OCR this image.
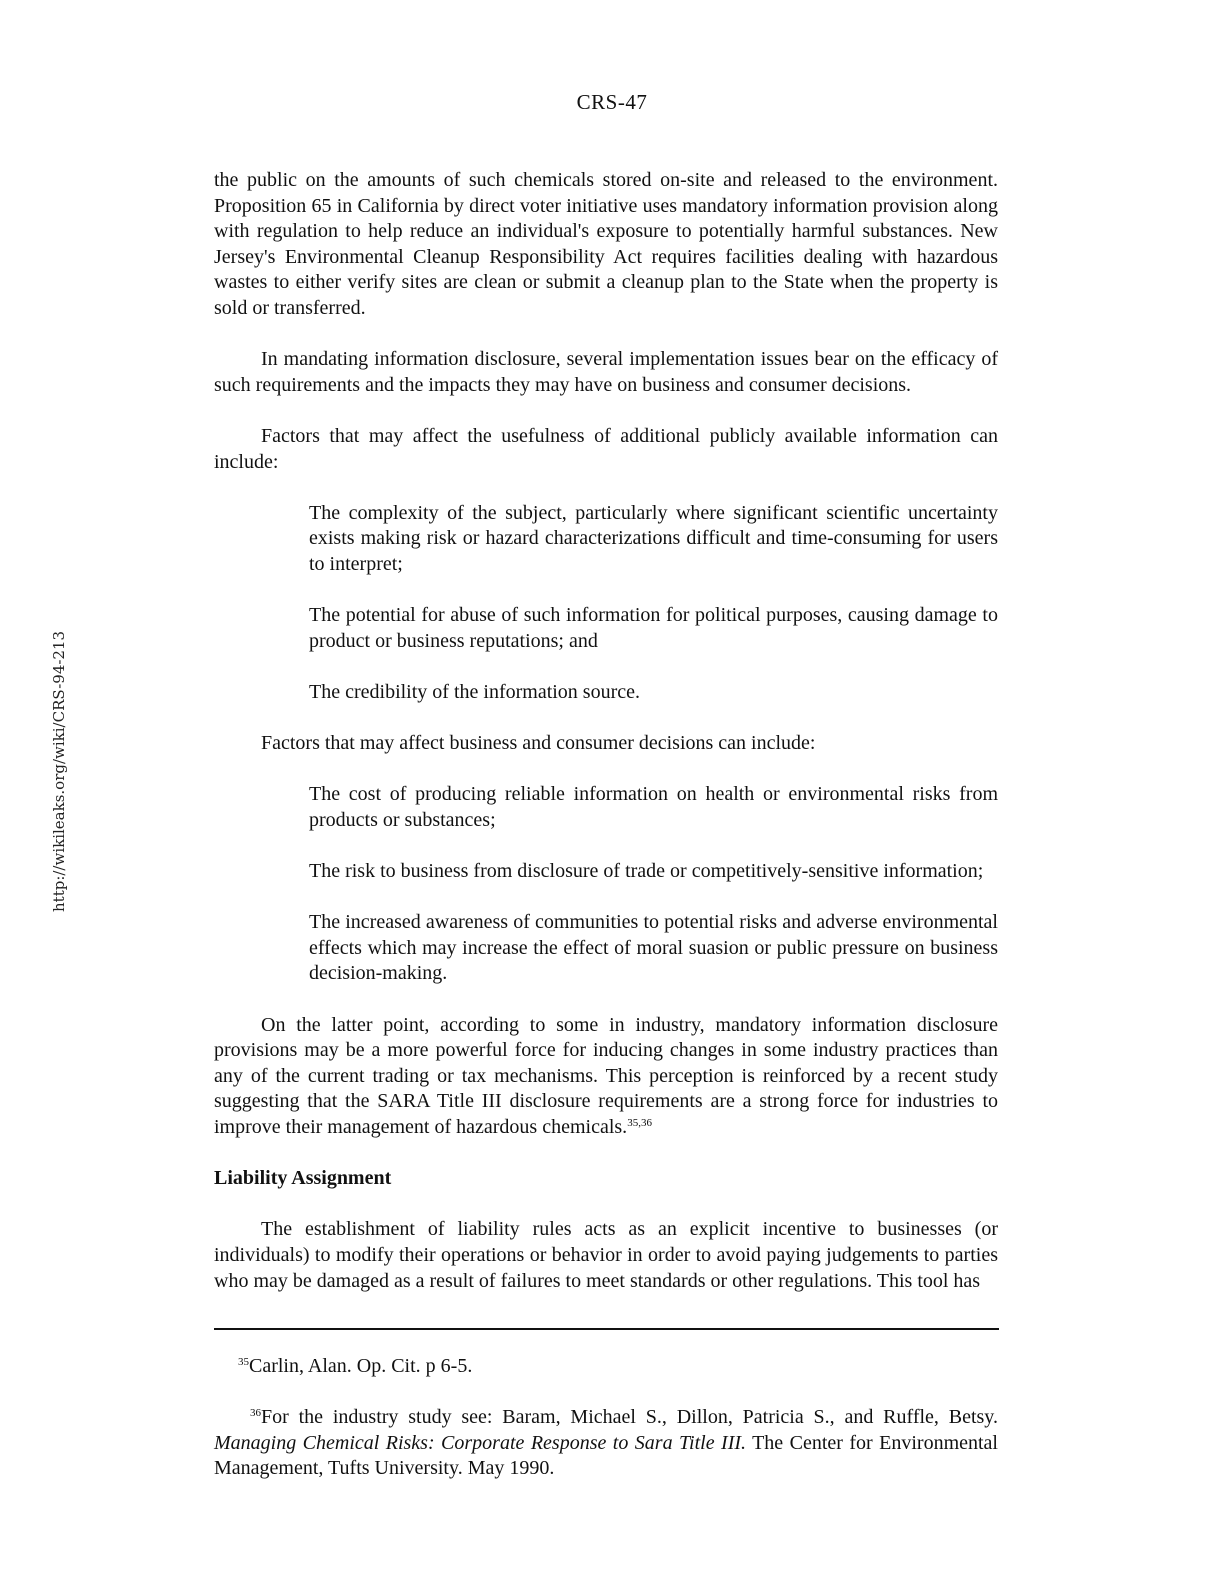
CRS-47
http://wikileaks.org/wiki/CRS-94-213

the public on the amounts of such chemicals stored on-site and released to the environment. Proposition 65 in California by direct voter initiative uses mandatory information provision along with regulation to help reduce an individual's exposure to potentially harmful substances. New Jersey's Environmental Cleanup Responsibility Act requires facilities dealing with hazardous wastes to either verify sites are clean or submit a cleanup plan to the State when the property is sold or transferred.

In mandating information disclosure, several implementation issues bear on the efficacy of such requirements and the impacts they may have on business and consumer decisions.

Factors that may affect the usefulness of additional publicly available information can include:

The complexity of the subject, particularly where significant scientific uncertainty exists making risk or hazard characterizations difficult and time-consuming for users to interpret;

The potential for abuse of such information for political purposes, causing damage to product or business reputations; and

The credibility of the information source.

Factors that may affect business and consumer decisions can include:

The cost of producing reliable information on health or environmental risks from products or substances;

The risk to business from disclosure of trade or competitively-sensitive information;

The increased awareness of communities to potential risks and adverse environmental effects which may increase the effect of moral suasion or public pressure on business decision-making.

On the latter point, according to some in industry, mandatory information disclosure provisions may be a more powerful force for inducing changes in some industry practices than any of the current trading or tax mechanisms. This perception is reinforced by a recent study suggesting that the SARA Title III disclosure requirements are a strong force for industries to improve their management of hazardous chemicals.$^{35,36}$

Liability Assignment

The establishment of liability rules acts as an explicit incentive to businesses (or individuals) to modify their operations or behavior in order to avoid paying judgements to parties who may be damaged as a result of failures to meet standards or other regulations. This tool has

$^{35}$Carlin, Alan. Op. Cit. p 6-5.

$^{36}$For the industry study see: Baram, Michael S., Dillon, Patricia S., and Ruffle, Betsy. Managing Chemical Risks: Corporate Response to Sara Title III. The Center for Environmental Management, Tufts University. May 1990.
